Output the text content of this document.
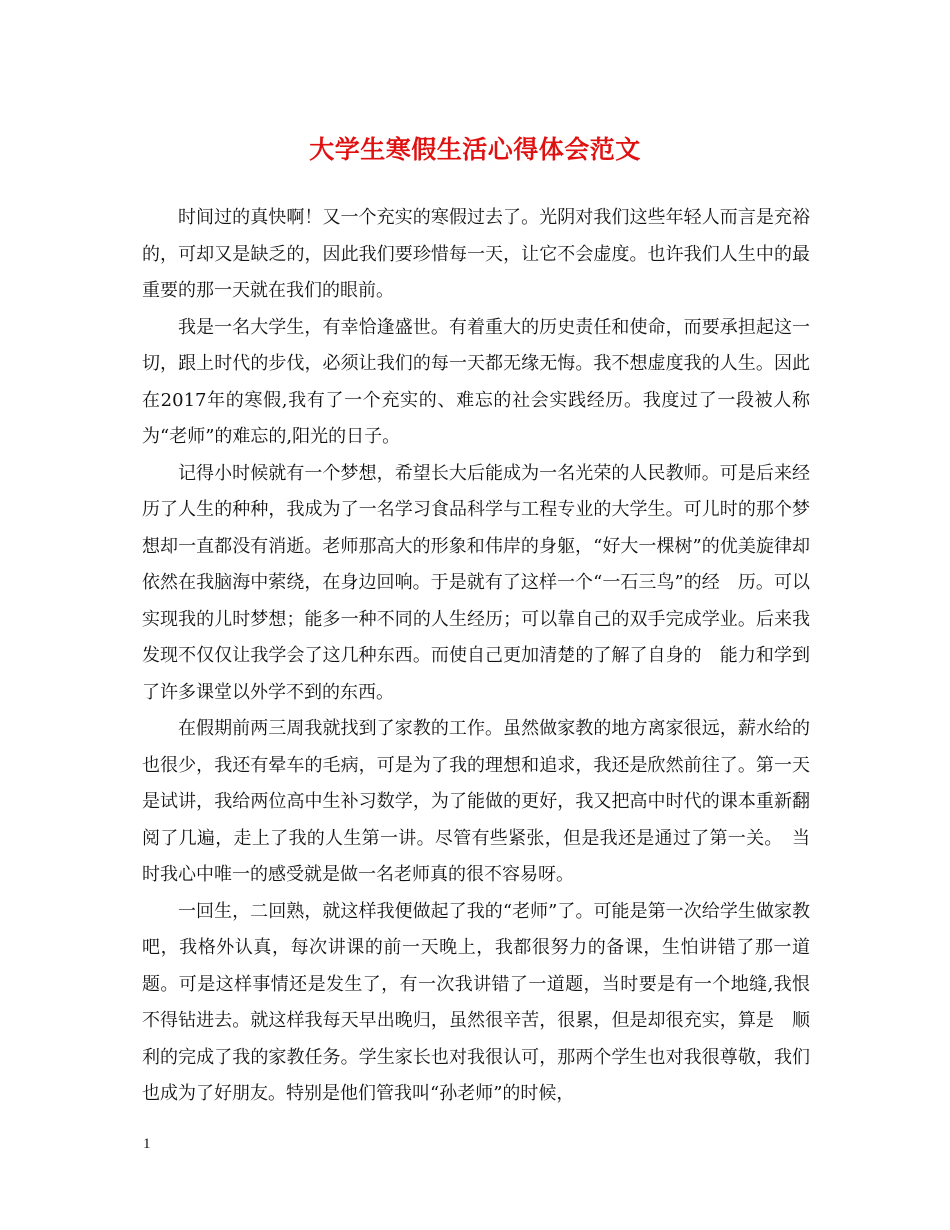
大学生寒假生活心得体会范文

时间过的真快啊！又一个充实的寒假过去了。光阴对我们这些年轻人而言是充裕的，可却又是缺乏的，因此我们要珍惜每一天，让它不会虚度。也许我们人生中的最重要的那一天就在我们的眼前。

我是一名大学生，有幸恰逢盛世。有着重大的历史责任和使命，而要承担起这一切，跟上时代的步伐，必须让我们的每一天都无缘无悔。我不想虚度我的人生。因此　在2017年的寒假,我有了一个充实的、难忘的社会实践经历。我度过了一段被人称为“老师”的难忘的,阳光的日子。

记得小时候就有一个梦想，希望长大后能成为一名光荣的人民教师。可是后来经历了人生的种种，我成为了一名学习食品科学与工程专业的大学生。可儿时的那个梦　想却一直都没有消逝。老师那高大的形象和伟岸的身躯，“好大一棵树”的优美旋律却依然在我脑海中萦绕，在身边回响。于是就有了这样一个“一石三鸟”的经　历。可以实现我的儿时梦想；能多一种不同的人生经历；可以靠自己的双手完成学业。后来我发现不仅仅让我学会了这几种东西。而使自己更加清楚的了解了自身的　能力和学到了许多课堂以外学不到的东西。

在假期前两三周我就找到了家教的工作。虽然做家教的地方离家很远，薪水给的也很少，我还有晕车的毛病，可是为了我的理想和追求，我还是欣然前往了。第一天　是试讲，我给两位高中生补习数学，为了能做的更好，我又把高中时代的课本重新翻阅了几遍，走上了我的人生第一讲。尽管有些紧张，但是我还是通过了第一关。　当时我心中唯一的感受就是做一名老师真的很不容易呀。

一回生，二回熟，就这样我便做起了我的“老师”了。可能是第一次给学生做家教吧，我格外认真，每次讲课的前一天晚上，我都很努力的备课，生怕讲错了那一道　题。可是这样事情还是发生了，有一次我讲错了一道题，当时要是有一个地缝,我恨不得钻进去。就这样我每天早出晚归，虽然很辛苦，很累，但是却很充实，算是　顺利的完成了我的家教任务。学生家长也对我很认可，那两个学生也对我很尊敬，我们也成为了好朋友。特别是他们管我叫“孙老师”的时候，

1
